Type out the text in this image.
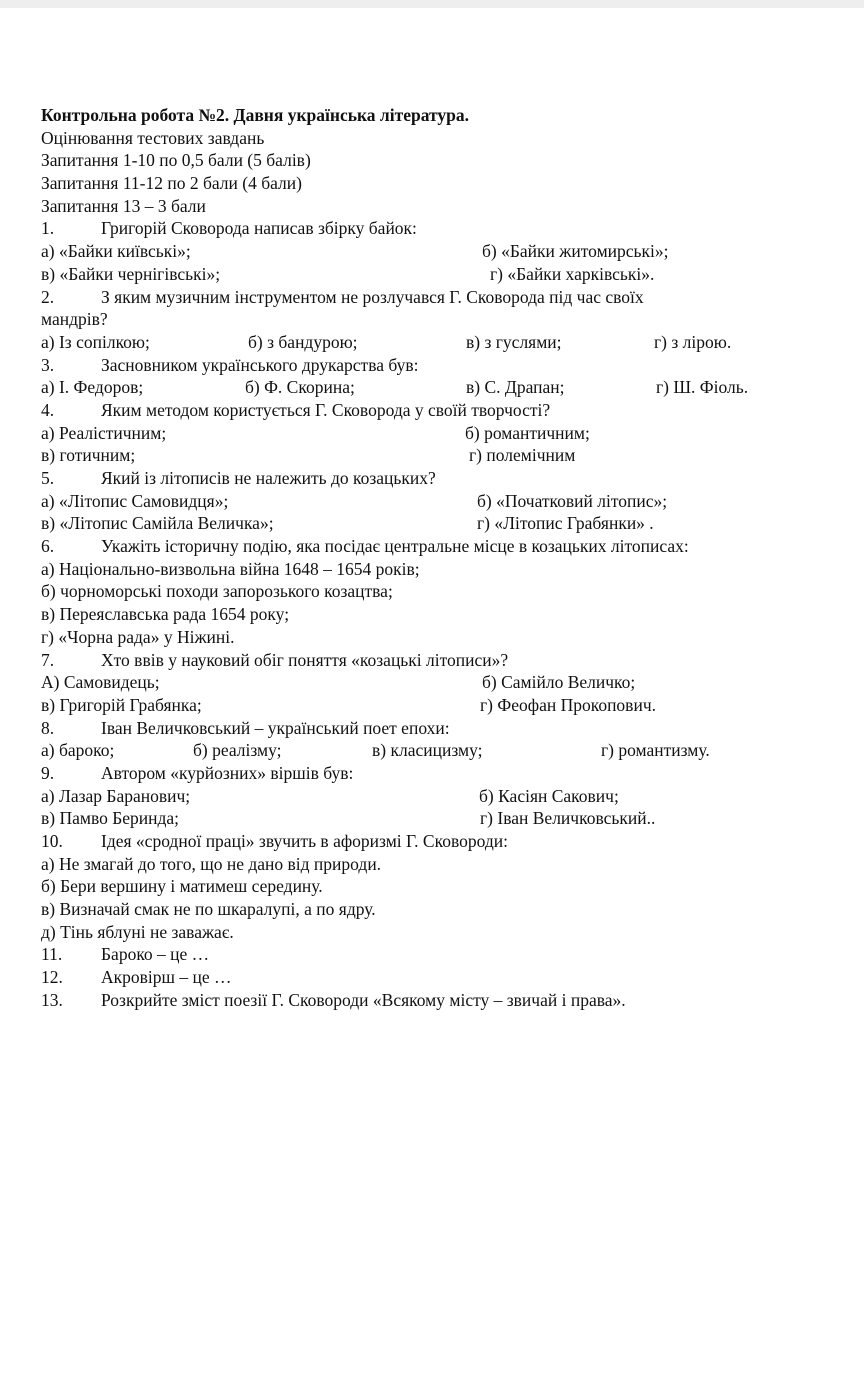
Контрольна робота №2. Давня українська література.
Оцінювання тестових завдань
Запитання 1-10 по 0,5 бали (5 балів)
Запитання 11-12 по 2 бали (4 бали)
Запитання 13 – 3 бали
1.	Григорій Сковорода написав збірку байок:
а) «Байки київські»;	б) «Байки житомирські»;
в) «Байки чернігівські»;	г) «Байки харківські».
2.	З яким музичним інструментом не розлучався Г. Сковорода під час своїх
мандрів?
а) Із сопілкою;	б) з бандурою;	в) з гуслями;	г) з лірою.
3.	Засновником українського друкарства був:
а) І. Федоров;	б) Ф. Скорина;	в) С. Драпан;	г) Ш. Фіоль.
4.	Яким методом користується Г. Сковорода у своїй творчості?
а) Реалістичним;	б) романтичним;
в) готичним;	г) полемічним
5.	Який із літописів не належить до козацьких?
а) «Літопис Самовидця»;	б) «Початковий літопис»;
в) «Літопис Самійла Величка»;	г) «Літопис Грабянки» .
6.	Укажіть історичну подію, яка посідає центральне місце в козацьких літописах:
а) Національно-визвольна війна 1648 – 1654 років;
б) чорноморські походи запорозького козацтва;
в) Переяславська рада 1654 року;
г) «Чорна рада» у Ніжині.
7.	Хто ввів у науковий обіг поняття «козацькі літописи»?
А) Самовидець;	б) Самійло Величко;
в) Григорій Грабянка;	г) Феофан Прокопович.
8.	Іван Величковський – український поет епохи:
а) бароко;	б) реалізму;	в) класицизму;	г) романтизму.
9.	Автором «курйозних» віршів був:
а) Лазар Баранович;	б) Касіян Сакович;
в) Памво Беринда;	г) Іван Величковський..
10. Ідея «сродної праці» звучить в афоризмі Г. Сковороди:
а) Не змагай до того, що не дано від природи.
б) Бери вершину і матимеш середину.
в) Визначай смак не по шкаралупі, а по ядру.
д) Тінь яблуні не заважає.
11. Бароко – це …
12. Акровірш – це …
13. Розкрийте зміст поезії Г. Сковороди «Всякому місту – звичай і права».
